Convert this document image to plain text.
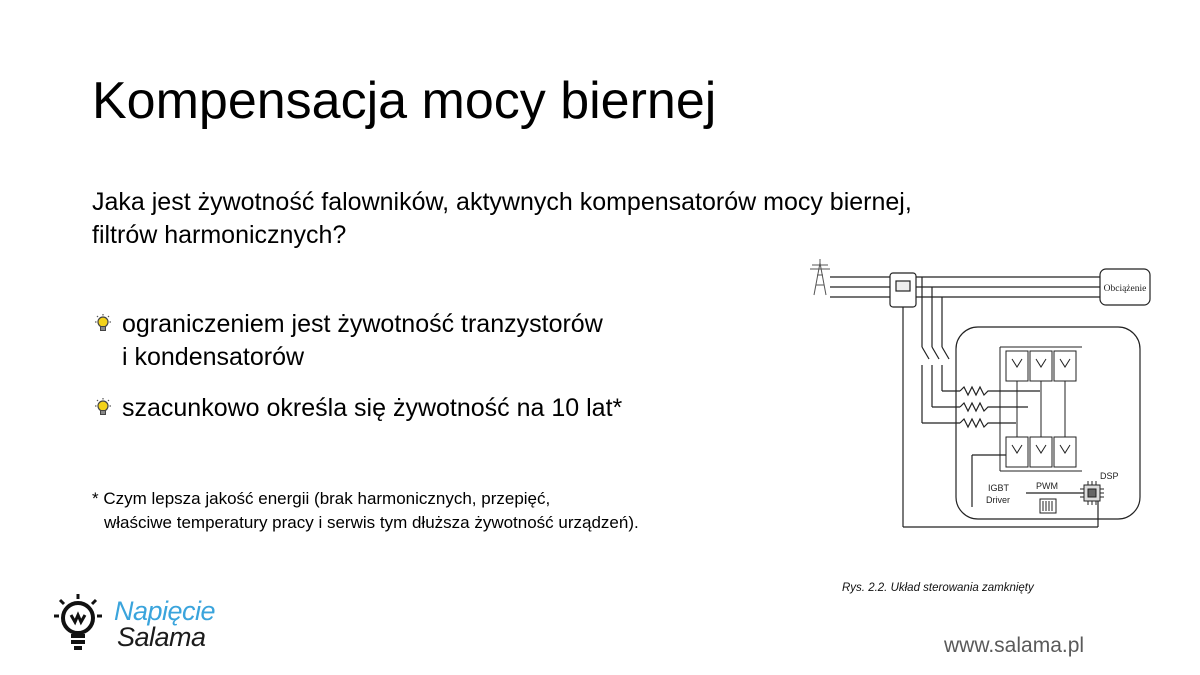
Kompensacja mocy biernej
Jaka jest żywotność falowników, aktywnych kompensatorów mocy biernej,
filtrów harmonicznych?
ograniczeniem jest żywotność tranzystorów
i kondensatorów
szacunkowo określa się żywotność na 10 lat*
* Czym lepsza jakość energii (brak harmonicznych, przepięć,
właściwe temperatury pracy i serwis tym dłuższa żywotność urządzeń).
Obciążenie
IGBT
Driver
PWM
DSP
Rys. 2.2. Układ sterowania zamknięty
Napięcie
Salama	www.salama.pl
